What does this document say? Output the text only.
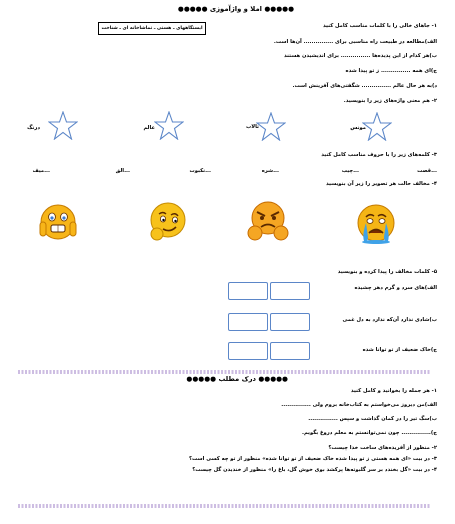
●●●●● املا و واژآموزی ●●●●●
ایستگاههای ـ هستی ـ تماشاخانه ای ـ شناخت	۱- جاهای خالی را با کلمات مناسب کامل کنید
الف)مطالعه در طبیعت راه مناسبی برای ............... آن‌ها است.
ب)هر کدام از این پدیده‌ها ............... برای اندیشیدن هستند
ج)ای همه ............... ز تو پیدا شده
د)به هر حال عالم ............... شگفتی‌های آفرینش است.
۲- هم معنی واژه‌های زیر را بنویسید.
درنگ	عالم	تالاب	مونس
۳- کلمه‌های زیر را با حروف مناسب کامل کنید
...قصت
...چیب
...شره
...نکبوت
...الق
...میف
۴- مخالف حالت هر تصویر را زیر آن بنویسید
۵- کلمات مخالف را پیدا کرده و بنویسید
الف)های سرد و گرم دهر چشیده
ب)شادی ندارد آن‌که ندارد به دل غمی
ج)خاک ضعیف از تو توانا شده
●●●●● درک مطلب ●●●●●
۱- هر جمله را بخوانید و کامل کنید
الف)من دیروز می‌خواستم به کتاب‌خانه بروم ولی ...............
ب)سگ تیر را در کمان گذاشت و سپس ...............
ج)............... چون نمی‌توانستم به معلم دروغ بگویم.
۲- منظور از آفریده‌های ساخت خدا چیست؟
۳- در بیت «ای همه هستی ز تو پیدا شده خاک ضعیف از تو توانا شده» منظور از تو چه کسی است؟
۴- در بیت «گل بخندد بر سر گلبوته‌ها پرکشد بوی خوش گل، باغ را» منظور از خندیدن گل چیست؟
